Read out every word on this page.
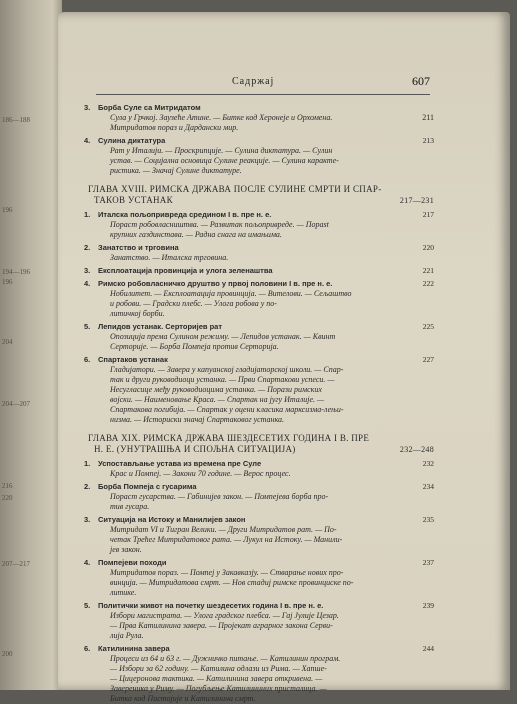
186—188
196
204
194—196
196
204—207
216
220
207—217
200
Садржај	607
3. Борба Суле са Митридатом
Сула у Грчкој. Заузеће Атине. — Битке код Херонеје и Орхомена.	211
Митридатов пораз и Дардански мир.
4. Сулина диктатура	213
Рат у Италији. — Проскрипције. — Сулина диктатура. — Сулин
устав. — Социјална основица Сулине реакције. — Сулина каракте-
ристика. — Значај Сулине диктатуре.
ГЛАВА XVIII. РИМСКА ДРЖАВА ПОСЛЕ СУЛИНЕ СМРТИ И СПАР-
ТАКОВ УСТАНАК	217—231
1. Италска пољопривреда средином I в. пре н. е.	217
Пораст робовласништва. — Развитак пољопривреде. — Порast
крупних газдинстава. — Радна снага на имањима.
2. Занатство и трговина	220
Занатство. — Италска трговина.
3. Експлоатација провинција и улога зеленаштва	221
4. Римско робовласничко друштво у првој половини I в. пре н. е.	222
Нобилитет. — Експлоатација провинција. — Вителови. — Сељаштво
и робови. — Градски плебс. — Улога робова у по-
литичкој борби.
5. Лепидов устанак. Серторијев рат	225
Опозиција према Сулином режиму. — Лепидов устанак. — Квинт
Серторије. — Борба Помпеја против Серторија.
6. Спартаков устанак	227
Гладијатори. — Завера у капуанској гладијаторској школи. — Спар-
так и други руководиоци устанка. — Први Спартакови успеси. —
Несугласице међу руководиоцима устанка. — Порази римских
војски. — Наименовање Краса. — Спартак на југу Италије. —
Спартакова погибија. — Спартак у оцени класика марксизма-лењи-
низма. — Историски значај Спартаковог устанка.
ГЛАВА XIX. РИМСКА ДРЖАВА ШЕЗДЕСЕТИХ ГОДИНА I В. ПРЕ
Н. Е. (УНУТРАШЊА И СПОЉНА СИТУАЦИЈА)	232—248
1. Успостављање устава из времена пре Суле	232
Крас и Помпеј. — Закони 70 године. — Верос процес.
2. Борба Помпеја с гусарима	234
Пораст гусарства. — Габинијев закон. — Помпејева борба про-
тив гусара.
3. Ситуација на Истоку и Манилијев закон	235
Митридат VI и Тигран Велики. — Други Митридатов рат. — По-
четак Трећег Митридатовог рата. — Лукул на Истоку. — Манили-
јев закон.
4. Помпејеви походи	237
Митридатов пораз. — Помпеј у Закавказју. — Стварање нових про-
винција. — Митридатова смрт. — Нов стадиј римске провинциске по-
литике.
5. Политички живот на почетку шездесетих година I в. пре н. е.	239
Избори магистрата. — Улога градског плебса. — Гај Јулије Цезар.
— Прва Катилинина завера. — Пројекат аграрног закона Серви-
лија Рула.
6. Катилинина завера	244
Процеси из 64 и 63 г. — Дужничко питање. — Катилинин програм.
— Избори за 62 годину. — Катилина одлази из Рима. — Хапше-
— Цицеронова тактика. — Катилинина завера откривена. —
Завереника у Риму. — Погубљење Катилининих присталица. —
Битка код Пистојиje и Катилинина смрт.
